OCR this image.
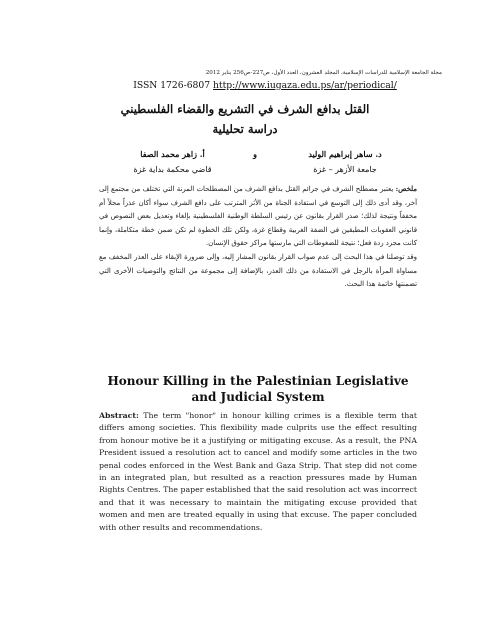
مجلة الجامعة الإسلامية للدراسات الإسلامية، المجلد العشرون، العدد الأول، ص227-ص256 يناير 2012
ISSN 1726-6807 http://www.iugaza.edu.ps/ar/periodical/
القتل بدافع الشرف في التشريع والقضاء الفلسطيني
دراسة تحليلية
د. ساهر إبراهيم الوليد
جامعة الأزهر – غزة
و
أ. زاهر محمد الصفا
قاضي محكمة بداية غزة

ملخص: يعتبر مصطلح الشرف في جرائم القتل بدافع الشرف من المصطلحات المرنة التي تختلف من مجتمع إلى آخر، وقد أدى ذلك إلى التوسع في استفادة الجناة من الأثر المترتب على دافع الشرف سواء أكان عذراً محلاً أم مخففاً ونتيجة لذلك؛ صدر القرار بقانون عن رئيس السلطة الوطنية الفلسطينية بإلغاء وتعديل بعض النصوص في قانوني العقوبات المطبقين في الضفة الغربية وقطاع غزة، ولكن تلك الخطوة لم تكن ضمن خطة متكاملة، وإنما كانت مجرد ردة فعل؛ نتيجة للضغوطات التي مارستها مراكز حقوق الإنسان.

وقد توصلنا في هذا البحث إلى عدم صواب القرار بقانون المشار إليه، وإلى ضرورة الإبقاء على العذر المخفف مع مساواة المرأة بالرجل في الاستفادة من ذلك العذر، بالإضافة إلى مجموعة من النتائج والتوصيات الأخرى التي تضمنتها خاتمة هذا البحث.

Honour Killing in the Palestinian Legislative and Judicial System
Abstract: The term "honor" in honour killing crimes is a flexible term that differs among societies. This flexibility made culprits use the effect resulting from honour motive be it a justifying or mitigating excuse. As a result, the PNA President issued a resolution act to cancel and modify some articles in the two penal codes enforced in the West Bank and Gaza Strip. That step did not come in an integrated plan, but resulted as a reaction pressures made by Human Rights Centres. The paper established that the said resolution act was incorrect and that it was necessary to maintain the mitigating excuse provided that women and men are treated equally in using that excuse. The paper concluded with other results and recommendations.
